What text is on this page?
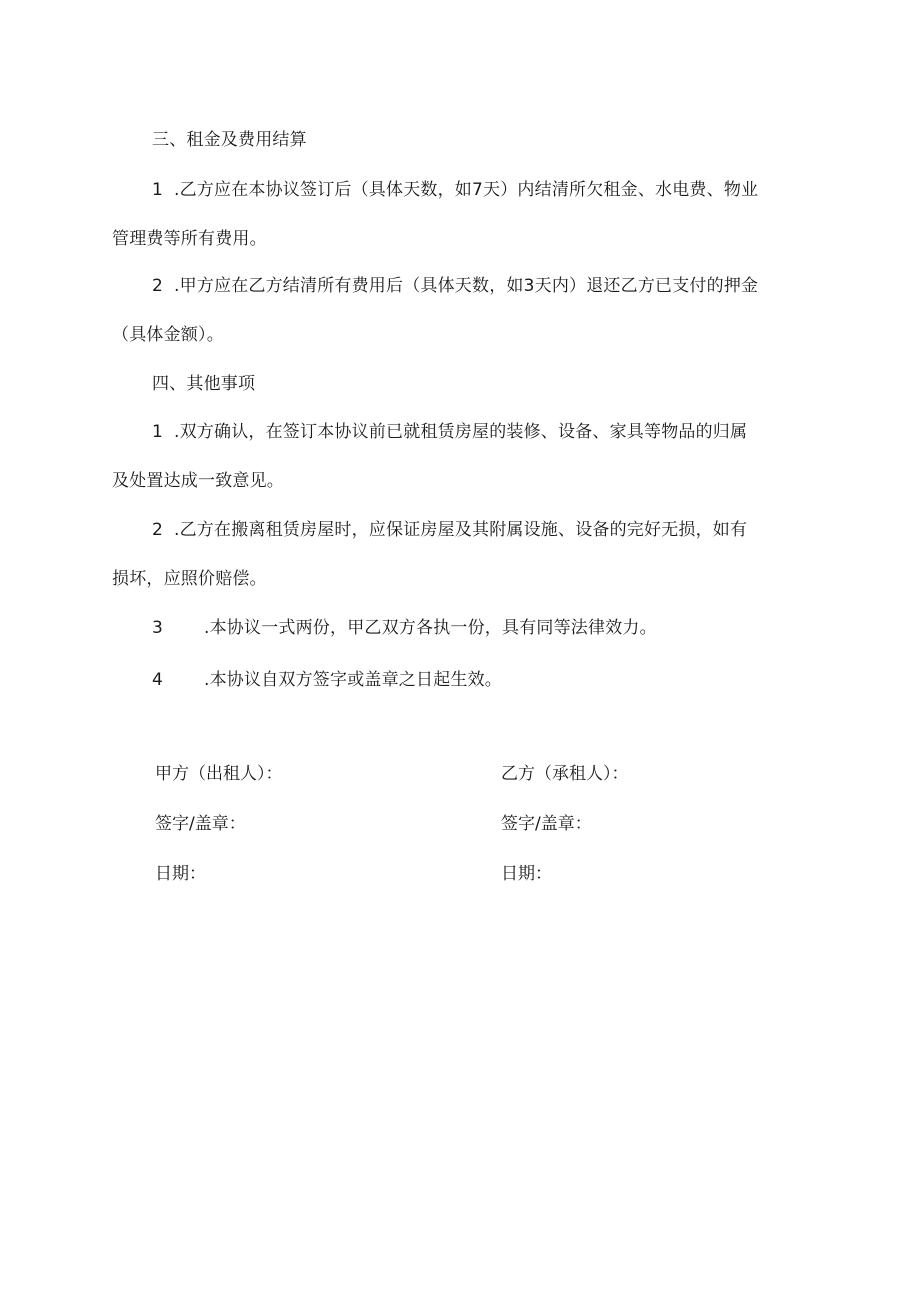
三、租金及费用结算
1 .乙方应在本协议签订后（具体天数，如7天）内结清所欠租金、水电费、物业
管理费等所有费用。
2 .甲方应在乙方结清所有费用后（具体天数，如3天内）退还乙方已支付的押金
（具体金额）。
四、其他事项
1 .双方确认，在签订本协议前已就租赁房屋的装修、设备、家具等物品的归属
及处置达成一致意见。
2 .乙方在搬离租赁房屋时，应保证房屋及其附属设施、设备的完好无损，如有
损坏，应照价赔偿。
3 .本协议一式两份，甲乙双方各执一份，具有同等法律效力。
4 .本协议自双方签字或盖章之日起生效。
甲方（出租人）：	乙方（承租人）：
签字/盖章：	签字/盖章：
日期：	日期：
